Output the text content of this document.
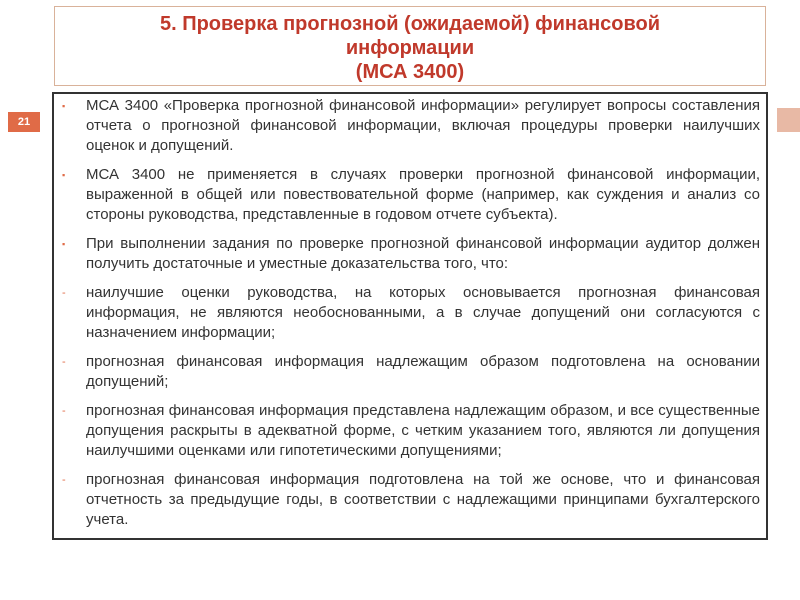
5. Проверка прогнозной (ожидаемой) финансовой
информации
(МСА 3400)
21
▪	МСА 3400 «Проверка прогнозной финансовой информации» регулирует вопросы составления отчета о прогнозной финансовой информации, включая процедуры проверки наилучших оценок и допущений.
▪	МСА 3400 не применяется в случаях проверки прогнозной финансовой информации, выраженной в общей или повествовательной форме (например, как суждения и анализ со стороны руководства, представленные в годовом отчете субъекта).
▪	При выполнении задания по проверке прогнозной финансовой информации аудитор должен получить достаточные и уместные доказательства того, что:
-	наилучшие оценки руководства, на которых основывается прогнозная финансовая информация, не являются необоснованными, а в случае допущений они согласуются с назначением информации;
-	прогнозная финансовая информация надлежащим образом подготовлена на основании допущений;
-	прогнозная финансовая информация представлена надлежащим образом, и все существенные допущения раскрыты в адекватной форме, с четким указанием того, являются ли допущения наилучшими оценками или гипотетическими допущениями;
-	прогнозная финансовая информация подготовлена на той же основе, что и финансовая отчетность за предыдущие годы, в соответствии с надлежащими принципами бухгалтерского учета.
